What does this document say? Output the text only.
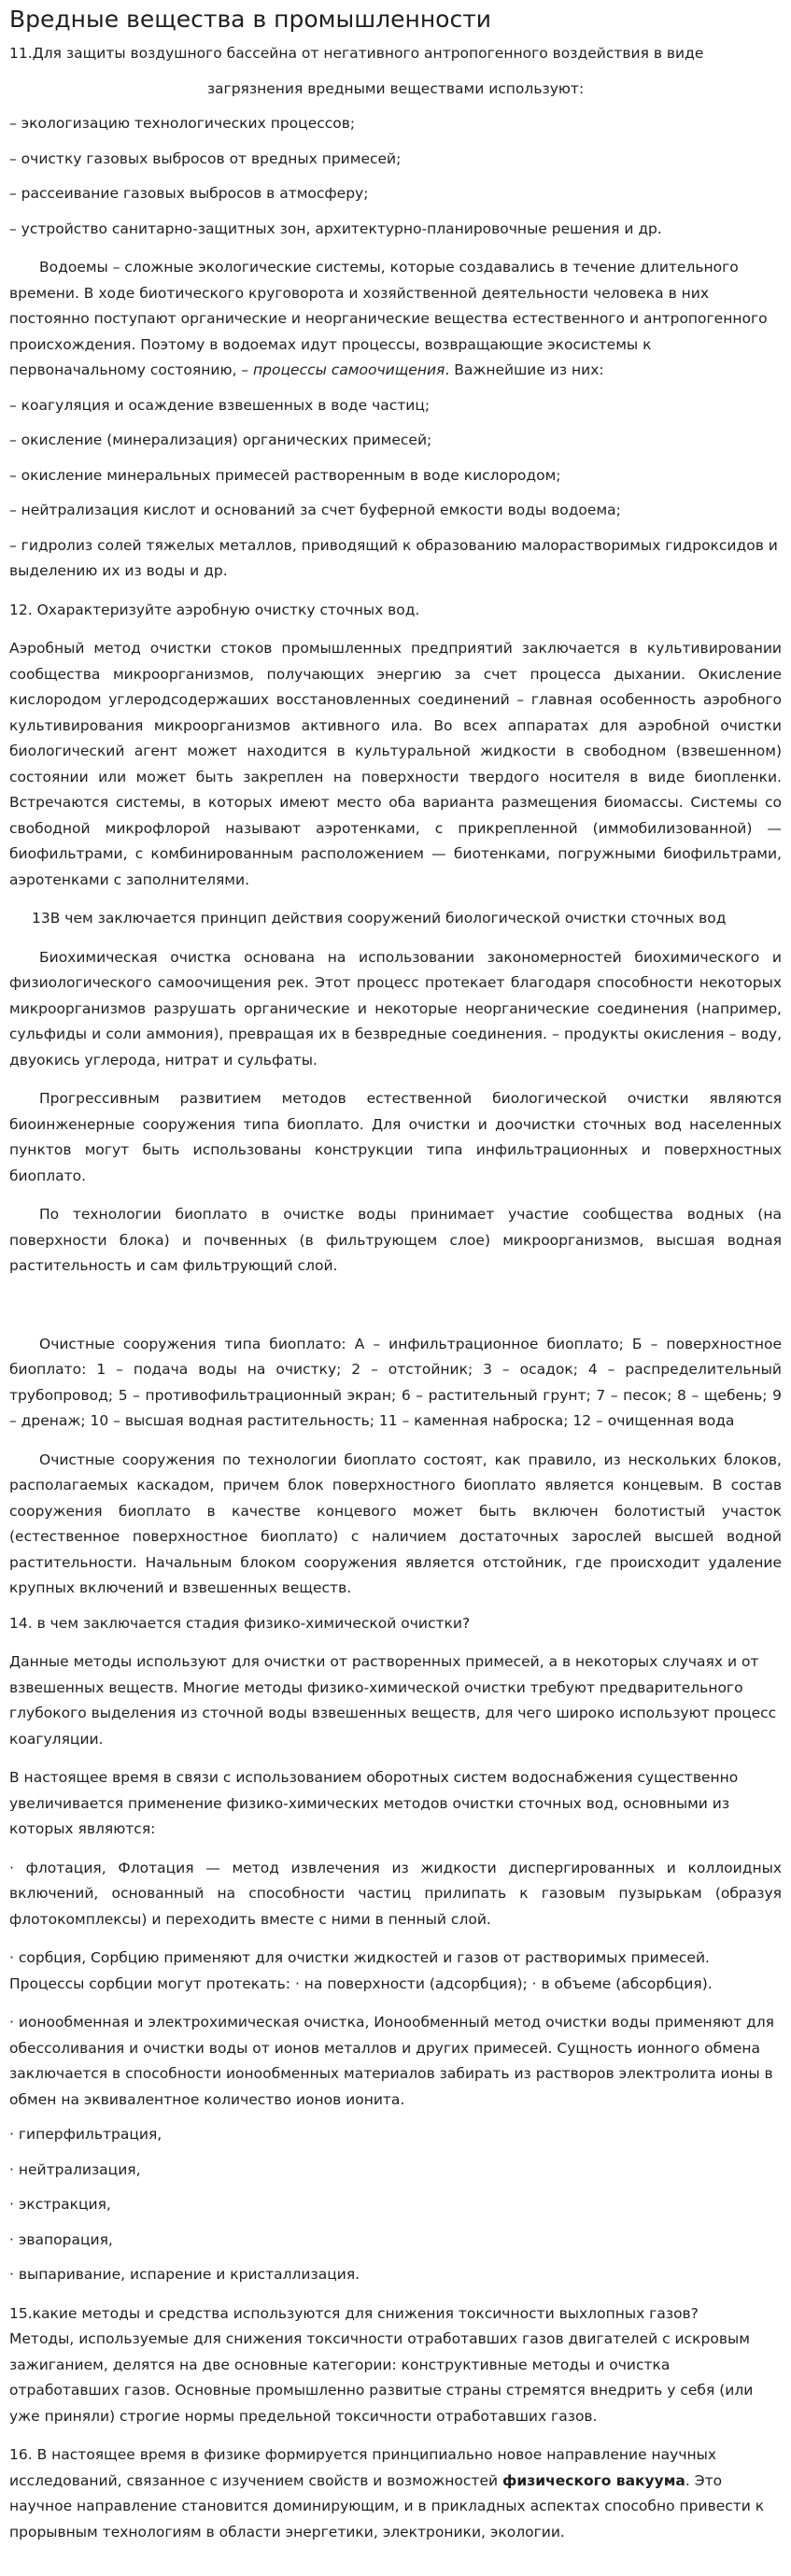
Вредные вещества в промышленности

11.Для защиты воздушного бассейна от негативного антропогенного воздействия в виде

загрязнения вредными веществами используют:

– экологизацию технологических процессов;

– очистку газовых выбросов от вредных примесей;

– рассеивание газовых выбросов в атмосферу;

– устройство санитарно-защитных зон, архитектурно-планировочные решения и др.

Водоемы – сложные экологические системы, которые создавались в течение длительного времени. В ходе биотического круговорота и хозяйственной деятельности человека в них постоянно поступают органические и неорганические вещества естественного и антропогенного происхождения. Поэтому в водоемах идут процессы, возвращающие экосистемы к первоначальному состоянию, – процессы самоочищения. Важнейшие из них:

– коагуляция и осаждение взвешенных в воде частиц;

– окисление (минерализация) органических примесей;

– окисление минеральных примесей растворенным в воде кислородом;

– нейтрализация кислот и оснований за счет буферной емкости воды водоема;

– гидролиз солей тяжелых металлов, приводящий к образованию малорастворимых гидроксидов и выделению их из воды и др.

12. Охарактеризуйте аэробную очистку сточных вод.

Аэробный метод очистки стоков промышленных предприятий заключается в культивировании сообщества микроорганизмов, получающих энергию за счет процесса дыхании. Окисление кислородом углеродсодержаших восстановленных соединений – главная особенность аэробного культивирования микроорганизмов активного ила. Во всех аппаратах для аэробной очистки биологический агент может находится в культуральной жидкости в свободном (взвешенном) состоянии или может быть закреплен на поверхности твердого носителя в виде биопленки. Встречаются системы, в которых имеют место оба варианта размещения биомассы. Системы со свободной микрофлорой называют аэротенками, с прикрепленной (иммобилизованной) — биофильтрами, с комбинированным расположением — биотенками, погружными биофильтрами, аэротенками с заполнителями.

13В чем заключается принцип действия сооружений биологической очистки сточных вод

Биохимическая очистка основана на использовании закономерностей биохимического и физиологического самоочищения рек. Этот процесс протекает благодаря способности некоторых микроорганизмов разрушать органические и некоторые неорганические соединения (например, сульфиды и соли аммония), превращая их в безвредные соединения. – продукты окисления – воду, двуокись углерода, нитрат и сульфаты.

Прогрессивным развитием методов естественной биологической очистки являются биоинженерные сооружения типа биоплато. Для очистки и доочистки сточных вод населенных пунктов могут быть использованы конструкции типа инфильтрационных и поверхностных биоплато.

По технологии биоплато в очистке воды принимает участие сообщества водных (на поверхности блока) и почвенных (в фильтрующем слое) микроорганизмов, высшая водная растительность и сам фильтрующий слой.

Очистные сооружения типа биоплато: А – инфильтрационное биоплато; Б – поверхностное биоплато: 1 – подача воды на очистку; 2 – отстойник; 3 – осадок; 4 – распределительный трубопровод; 5 – противофильтрационный экран; 6 – растительный грунт; 7 – песок; 8 – щебень; 9 – дренаж; 10 – высшая водная растительность; 11 – каменная наброска; 12 – очищенная вода

Очистные сооружения по технологии биоплато состоят, как правило, из нескольких блоков, располагаемых каскадом, причем блок поверхностного биоплато является концевым. В состав сооружения биоплато в качестве концевого может быть включен болотистый участок (естественное поверхностное биоплато) с наличием достаточных зарослей высшей водной растительности. Начальным блоком сооружения является отстойник, где происходит удаление крупных включений и взвешенных веществ.

14. в чем заключается стадия физико-химической очистки?

Данные методы используют для очистки от растворенных примесей, а в некоторых случаях и от взвешенных веществ. Многие методы физико-химической очистки требуют предварительного глубокого выделения из сточной воды взвешенных веществ, для чего широко используют процесс коагуляции.

В настоящее время в связи с использованием оборотных систем водоснабжения существенно увеличивается применение физико-химических методов очистки сточных вод, основными из которых являются:

· флотация, Флотация — метод извлечения из жидкости диспергированных и коллоидных включений, основанный на способности частиц прилипать к газовым пузырькам (образуя флотокомплексы) и переходить вместе с ними в пенный слой.

· сорбция, Сорбцию применяют для очистки жидкостей и газов от растворимых примесей. Процессы сорбции могут протекать: · на поверхности (адсорбция); · в объеме (абсорбция).

· ионообменная и электрохимическая очистка, Ионообменный метод очистки воды применяют для обессоливания и очистки воды от ионов металлов и других примесей. Сущность ионного обмена заключается в способности ионообменных материалов забирать из растворов электролита ионы в обмен на эквивалентное количество ионов ионита.

· гиперфильтрация,

· нейтрализация,

· экстракция,

· эвапорация,

· выпаривание, испарение и кристаллизация.

15.какие методы и средства используются для снижения токсичности выхлопных газов?

Методы, используемые для снижения токсичности отработавших газов двигателей с искровым зажиганием, делятся на две основные категории: конструктивные методы и очистка отработавших газов. Основные промышленно развитые страны стремятся внедрить у себя (или уже приняли) строгие нормы предельной токсичности отработавших газов.

16. В настоящее время в физике формируется принципиально новое направление научных исследований, связанное с изучением свойств и возможностей физического вакуума. Это научное направление становится доминирующим, и в прикладных аспектах способно привести к прорывным технологиям в области энергетики, электроники, экологии.
